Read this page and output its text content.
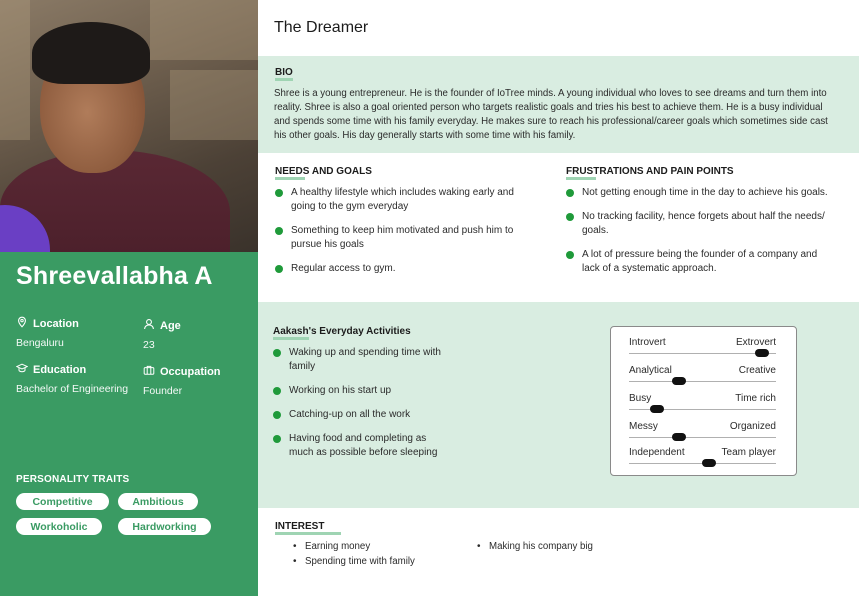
Shreevallabha A
Location
Bengaluru
Age
23
Education
Bachelor of Engineering
Occupation
Founder
PERSONALITY TRAITS
Competitive	Ambitious
Workoholic	Hardworking
The Dreamer
BIO
Shree is a young entrepreneur. He is the founder of IoTree minds. A young individual who loves to see dreams and turn them into reality. Shree is also a goal oriented person who targets realistic goals and tries his best to achieve them. He is a busy individual and spends some time with his family everyday. He makes sure to reach his professional/career goals which sometimes side cast his other goals. His day generally starts with some time with his family.
NEEDS AND GOALS
A healthy lifestyle which includes waking early and going to the gym everyday
Something to keep him motivated and push him to pursue his goals
Regular access to gym.
FRUSTRATIONS AND PAIN POINTS
Not getting enough time in the day to achieve his goals.
No tracking facility, hence forgets about half the needs/ goals.
A lot of pressure being the founder of a company and lack of a systematic approach.
Aakash's Everyday Activities
Waking up and spending time with family
Working on his start up
Catching-up on all the work
Having food and completing as much as possible before sleeping
Introvert	Extrovert
Analytical	Creative
Busy	Time rich
Messy	Organized
Independent	Team player
INTEREST
• Earning money
• Spending time with family
• Making his company big
